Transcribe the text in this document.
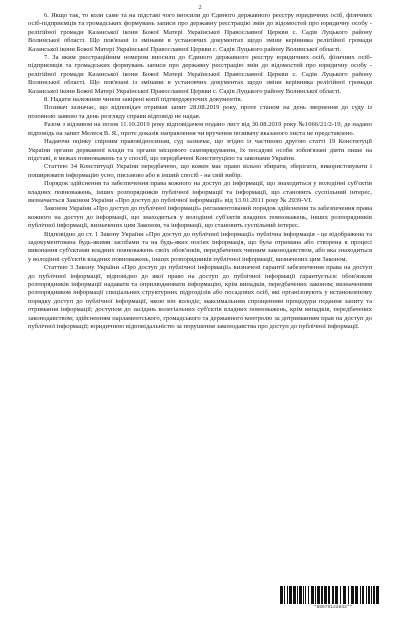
2

6. Якщо так, то коли саме та на підставі чого вносили до Єдиного державного реєстру юридичних осіб, фізичних осіб-підприємців та громадських формувань записи про державну реєстрацію змін до відомостей про юридичну особу - релігійної громади Казанської ікони Божої Матері Української Православної Церкви с. Садів Луцького району Волинської області. Що пов'язані із змінами в установчих документах щодо зміни керівника релігійної громади Казанської ікони Божої Матері Української Православної Церкви с. Садів Луцького району Волинської області.

7. За яким реєстраційним номером вносили до Єдиного державного реєстру юридичних осіб, фізичних осіб-підприємців та громадських формувань записи про державну реєстрацію змін до відомостей про юридичну особу - релігійної громади Казанської ікони Божої Матері Української Православної Церкви с. Садів Луцького району Волинської області. Що пов'язані із змінами в установчих документах щодо зміни керівника релігійної громади Казанської ікони Божої Матері Української Православної Церкви с. Садів Луцького району Волинської області.

8. Надати належним чином завірені копії підтверджуючих документів.

Позивач зазначає, що відповідач отримав запит 28.08.2019 року, проте станом на день звернення до суду із позовною заявою та день розгляду справи відповіді не надав.

Разом з відзивом на позов 11.10.2019 року відповідачем подано лист від 30.08.2019 року №1066/21/2-19, де надано відповідь на запит Мелеся В. Я., проте доказів направлення чи вручення позивачу вказаного листа не представлено.

Надаючи оцінку спірним правовідносинам, суд зазначає, що згідно із частиною другою статті 19 Конституції України органи державної влади та органи місцевого самоврядування, їх посадові особи зобов'язані діяти лише на підставі, в межах повноважень та у спосіб, що передбачені Конституцією та законами України.

Статтею 34 Конституції України передбачено, що кожен має право вільно збирати, зберігати, використовувати і поширювати інформацію усно, письмово або в інший спосіб - на свій вибір.

Порядок здійснення та забезпечення права кожного на доступ до інформації, що знаходиться у володінні суб'єктів владних повноважень, інших розпорядників публічної інформації та інформації, що становить суспільний інтерес, визначається Законом України «Про доступ до публічної інформації» від 13.01.2011 року № 2939-VI.

Законом України «Про доступ до публічної інформації» регламентований порядок здійснення та забезпечення права кожного на доступ до інформації, що знаходиться у володінні суб'єктів владних повноважень, інших розпорядників публічної інформації, визначених цим Законом, та інформації, що становить суспільний інтерес.

Відповідно до ст. 1 Закону України «Про доступ до публічної інформації» публічна інформація - це відображена та задокументована будь-якими засобами та на будь-яких носіях інформація, що була отримана або створена в процесі виконання суб'єктами владних повноважень своїх обов'язків, передбачених чинним законодавством, або яка знаходиться у володінні суб'єктів владних повноважень, інших розпорядників публічної інформації, визначених цим Законом.

Статтею 3 Закону України «Про доступ до публічної інформації» визначені гарантії забезпечення права на доступ до публічної інформації, відповідно до якої право на доступ до публічної інформації гарантується: обов'язком розпорядників інформації надавати та оприлюднювати інформацію, крім випадків, передбачених законом; визначенням розпорядником інформації спеціальних структурних підрозділів або посадових осіб, які організовують у встановленому порядку доступ до публічної інформації, якою він володіє; максимальним спрощенням процедури подання запиту та отримання інформації; доступом до засідань колегіальних суб'єктів владних повноважень, крім випадків, передбачених законодавством; здійсненням парламентського, громадського та державного контролю за дотриманням прав на доступ до публічної інформації; юридичною відповідальністю за порушення законодавства про доступ до публічної інформації.

*86875142843**
